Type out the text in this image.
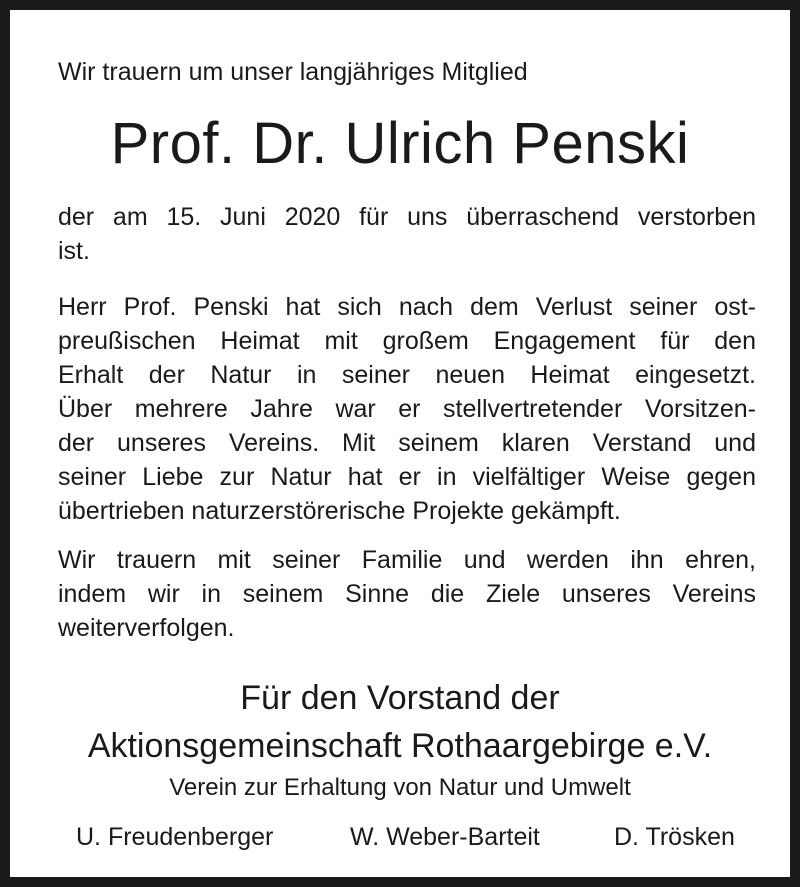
Wir trauern um unser langjähriges Mitglied
Prof. Dr. Ulrich Penski
der am 15. Juni 2020 für uns überraschend verstorben
ist.
Herr Prof. Penski hat sich nach dem Verlust seiner ost-
preußischen Heimat mit großem Engagement für den
Erhalt der Natur in seiner neuen Heimat eingesetzt.
Über mehrere Jahre war er stellvertretender Vorsitzen-
der unseres Vereins. Mit seinem klaren Verstand und
seiner Liebe zur Natur hat er in vielfältiger Weise gegen
übertrieben naturzerstörerische Projekte gekämpft.
Wir trauern mit seiner Familie und werden ihn ehren,
indem wir in seinem Sinne die Ziele unseres Vereins
weiterverfolgen.
Für den Vorstand der
Aktionsgemeinschaft Rothaargebirge e.V.
Verein zur Erhaltung von Natur und Umwelt
U. Freudenberger	W. Weber-Barteit	D. Trösken
